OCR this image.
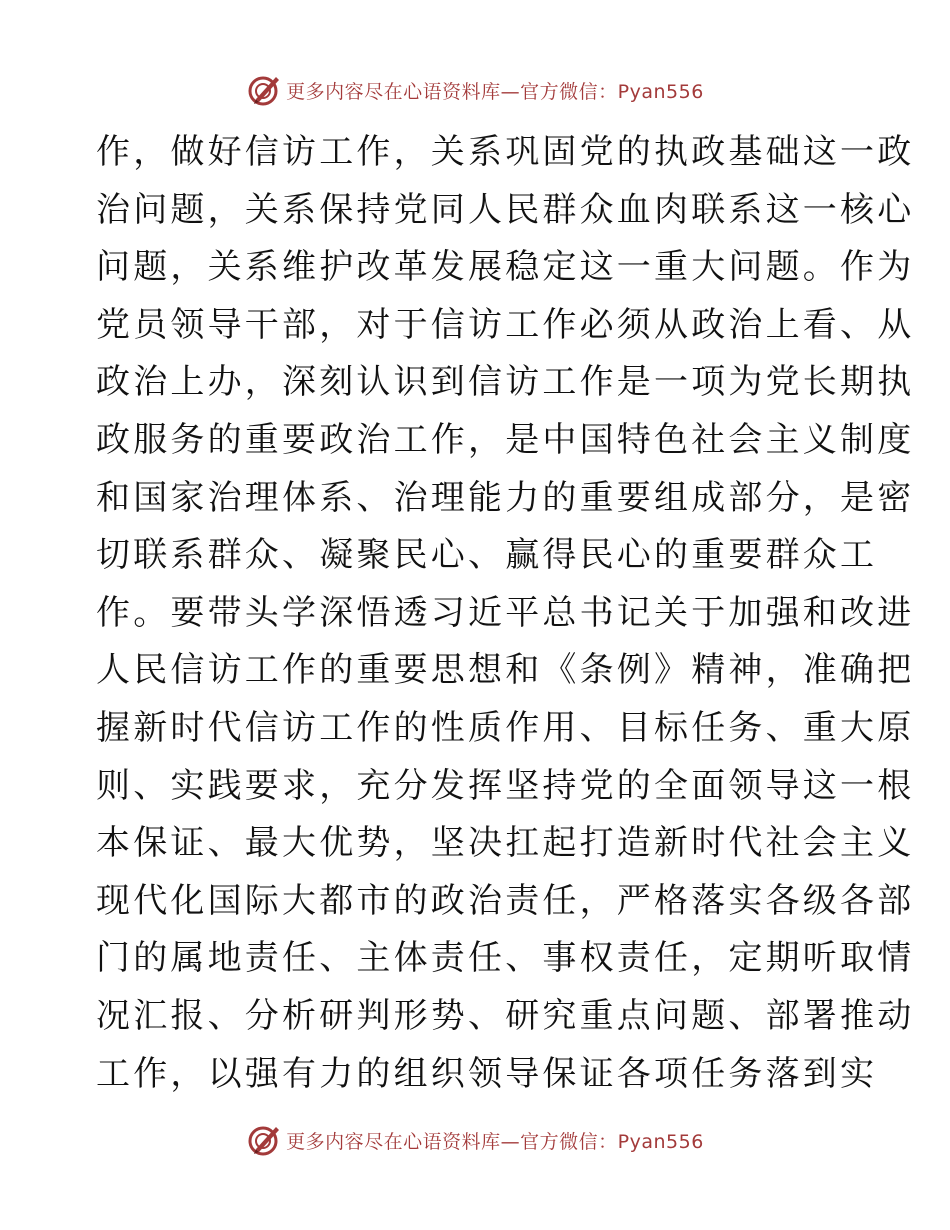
更多内容尽在心语资料库—官方微信：Pyan556
作，做好信访工作，关系巩固党的执政基础这一政
治问题，关系保持党同人民群众血肉联系这一核心
问题，关系维护改革发展稳定这一重大问题。作为
党员领导干部，对于信访工作必须从政治上看、从
政治上办，深刻认识到信访工作是一项为党长期执
政服务的重要政治工作，是中国特色社会主义制度
和国家治理体系、治理能力的重要组成部分，是密
切联系群众、凝聚民心、赢得民心的重要群众工
作。要带头学深悟透习近平总书记关于加强和改进
人民信访工作的重要思想和《条例》精神，准确把
握新时代信访工作的性质作用、目标任务、重大原
则、实践要求，充分发挥坚持党的全面领导这一根
本保证、最大优势，坚决扛起打造新时代社会主义
现代化国际大都市的政治责任，严格落实各级各部
门的属地责任、主体责任、事权责任，定期听取情
况汇报、分析研判形势、研究重点问题、部署推动
工作，以强有力的组织领导保证各项任务落到实
更多内容尽在心语资料库—官方微信：Pyan556
